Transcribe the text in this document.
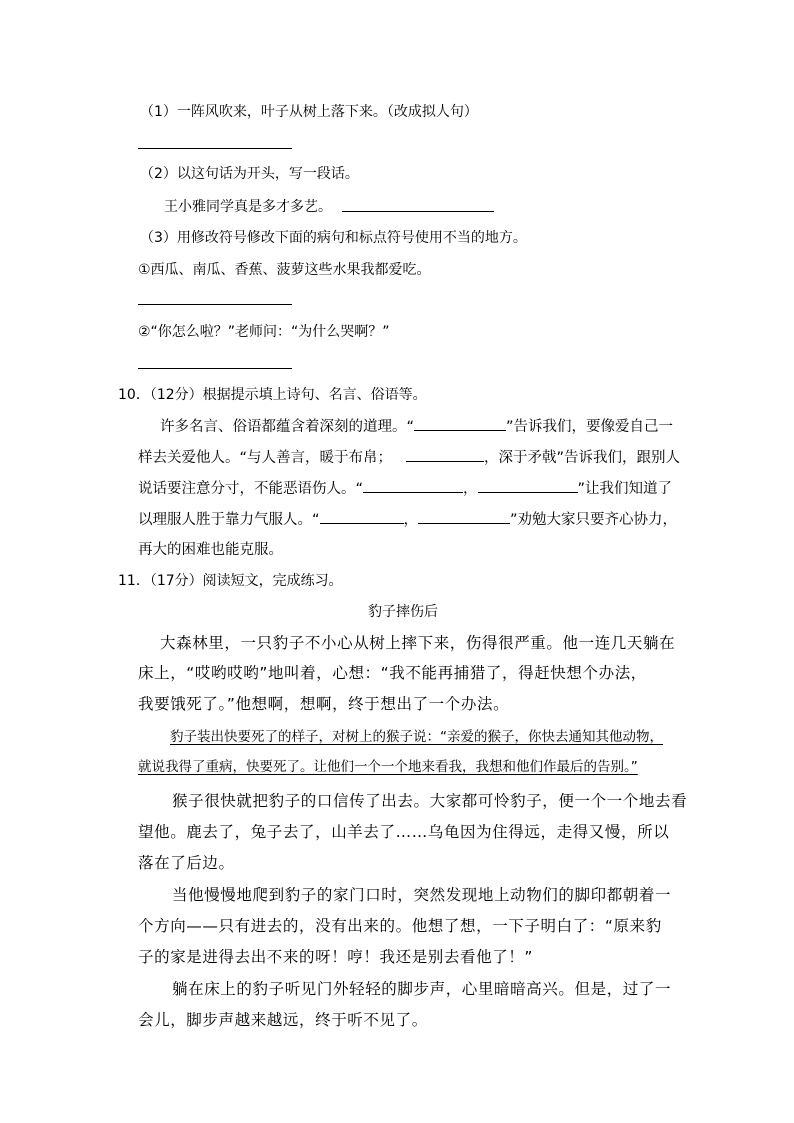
（1）一阵风吹来，叶子从树上落下来。（改成拟人句）
（2）以这句话为开头，写一段话。
王小雅同学真是多才多艺。
（3）用修改符号修改下面的病句和标点符号使用不当的地方。
①西瓜、南瓜、香蕉、菠萝这些水果我都爱吃。
②“你怎么啦？”老师问：“为什么哭啊？”
10．（12分）根据提示填上诗句、名言、俗语等。
许多名言、俗语都蕴含着深刻的道理。“	”告诉我们，要像爱自己一
样去关爱他人。“与人善言，暖于布帛；	，深于矛戟”告诉我们，跟别人
说话要注意分寸，不能恶语伤人。“	，	”让我们知道了
以理服人胜于靠力气服人。“	，	”劝勉大家只要齐心协力，
再大的困难也能克服。
11．（17分）阅读短文，完成练习。
豹子摔伤后
大森林里，一只豹子不小心从树上摔下来，伤得很严重。他一连几天躺在
床上，“哎哟哎哟”地叫着，心想：“我不能再捕猎了，得赶快想个办法，
我要饿死了。”他想啊，想啊，终于想出了一个办法。
豹子装出快要死了的样子，对树上的猴子说：“亲爱的猴子，你快去通知其他动物，
就说我得了重病，快要死了。让他们一个一个地来看我，我想和他们作最后的告别。”
猴子很快就把豹子的口信传了出去。大家都可怜豹子，便一个一个地去看
望他。鹿去了，兔子去了，山羊去了……乌龟因为住得远，走得又慢，所以
落在了后边。
当他慢慢地爬到豹子的家门口时，突然发现地上动物们的脚印都朝着一
个方向——只有进去的，没有出来的。他想了想，一下子明白了：“原来豹
子的家是进得去出不来的呀！哼！我还是别去看他了！”
躺在床上的豹子听见门外轻轻的脚步声，心里暗暗高兴。但是，过了一
会儿，脚步声越来越远，终于听不见了。
